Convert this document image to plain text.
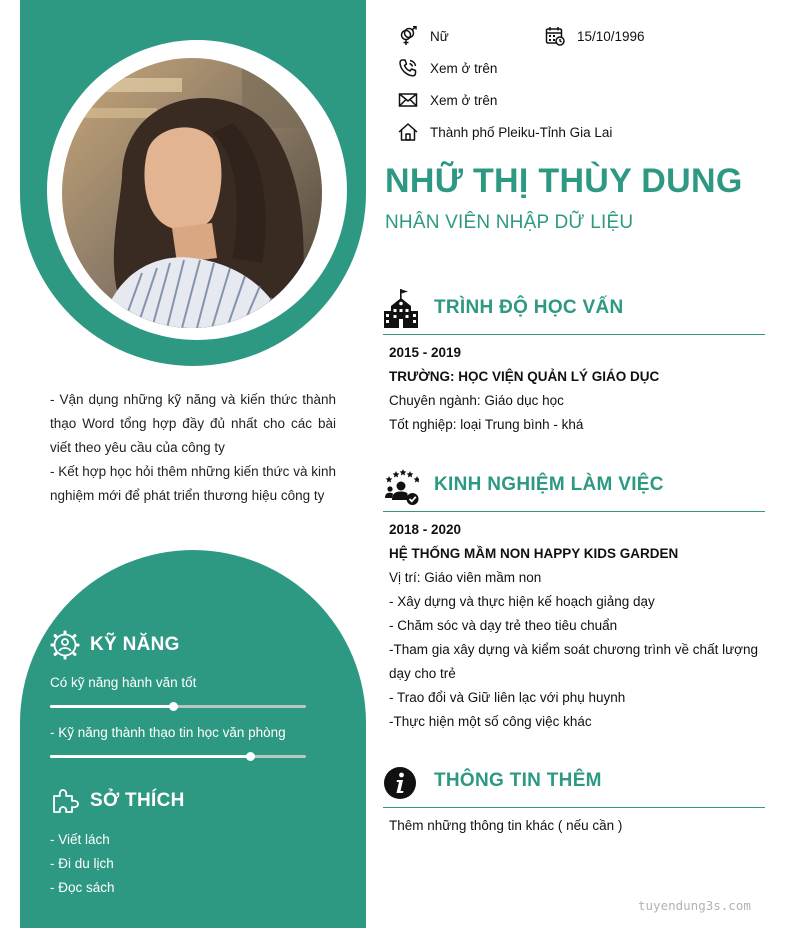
- Vận dụng những kỹ năng và kiến thức thành thạo Word tổng hợp đầy đủ nhất cho các bài viết theo yêu cầu của công ty

- Kết hợp học hỏi thêm những kiến thức và kinh nghiệm mới để phát triển thương hiệu công ty

KỸ NĂNG
Có kỹ năng hành văn tốt
- Kỹ năng thành thạo tin học văn phòng
SỞ THÍCH
- Viết lách
- Đi du lịch
- Đọc sách
Nữ	15/10/1996
Xem ở trên
Xem ở trên
Thành phố Pleiku-Tỉnh Gia Lai
NHỮ THỊ THÙY DUNG
NHÂN VIÊN NHẬP DỮ LIỆU
TRÌNH ĐỘ HỌC VẤN
2015 - 2019
TRƯỜNG: HỌC VIỆN QUẢN LÝ GIÁO DỤC
Chuyên ngành: Giáo dục học
Tốt nghiệp: loại Trung bình - khá
KINH NGHIỆM LÀM VIỆC
2018 - 2020
HỆ THỐNG MẦM NON HAPPY KIDS GARDEN
Vị trí: Giáo viên mầm non
- Xây dựng và thực hiện kế hoạch giảng dạy
- Chăm sóc và dạy trẻ theo tiêu chuẩn
-Tham gia xây dựng và kiểm soát chương trình về chất lượng dạy cho trẻ
- Trao đổi và Giữ liên lạc với phụ huynh
-Thực hiện một số công việc khác
THÔNG TIN THÊM
Thêm những thông tin khác ( nếu cần )
tuyendung3s.com
